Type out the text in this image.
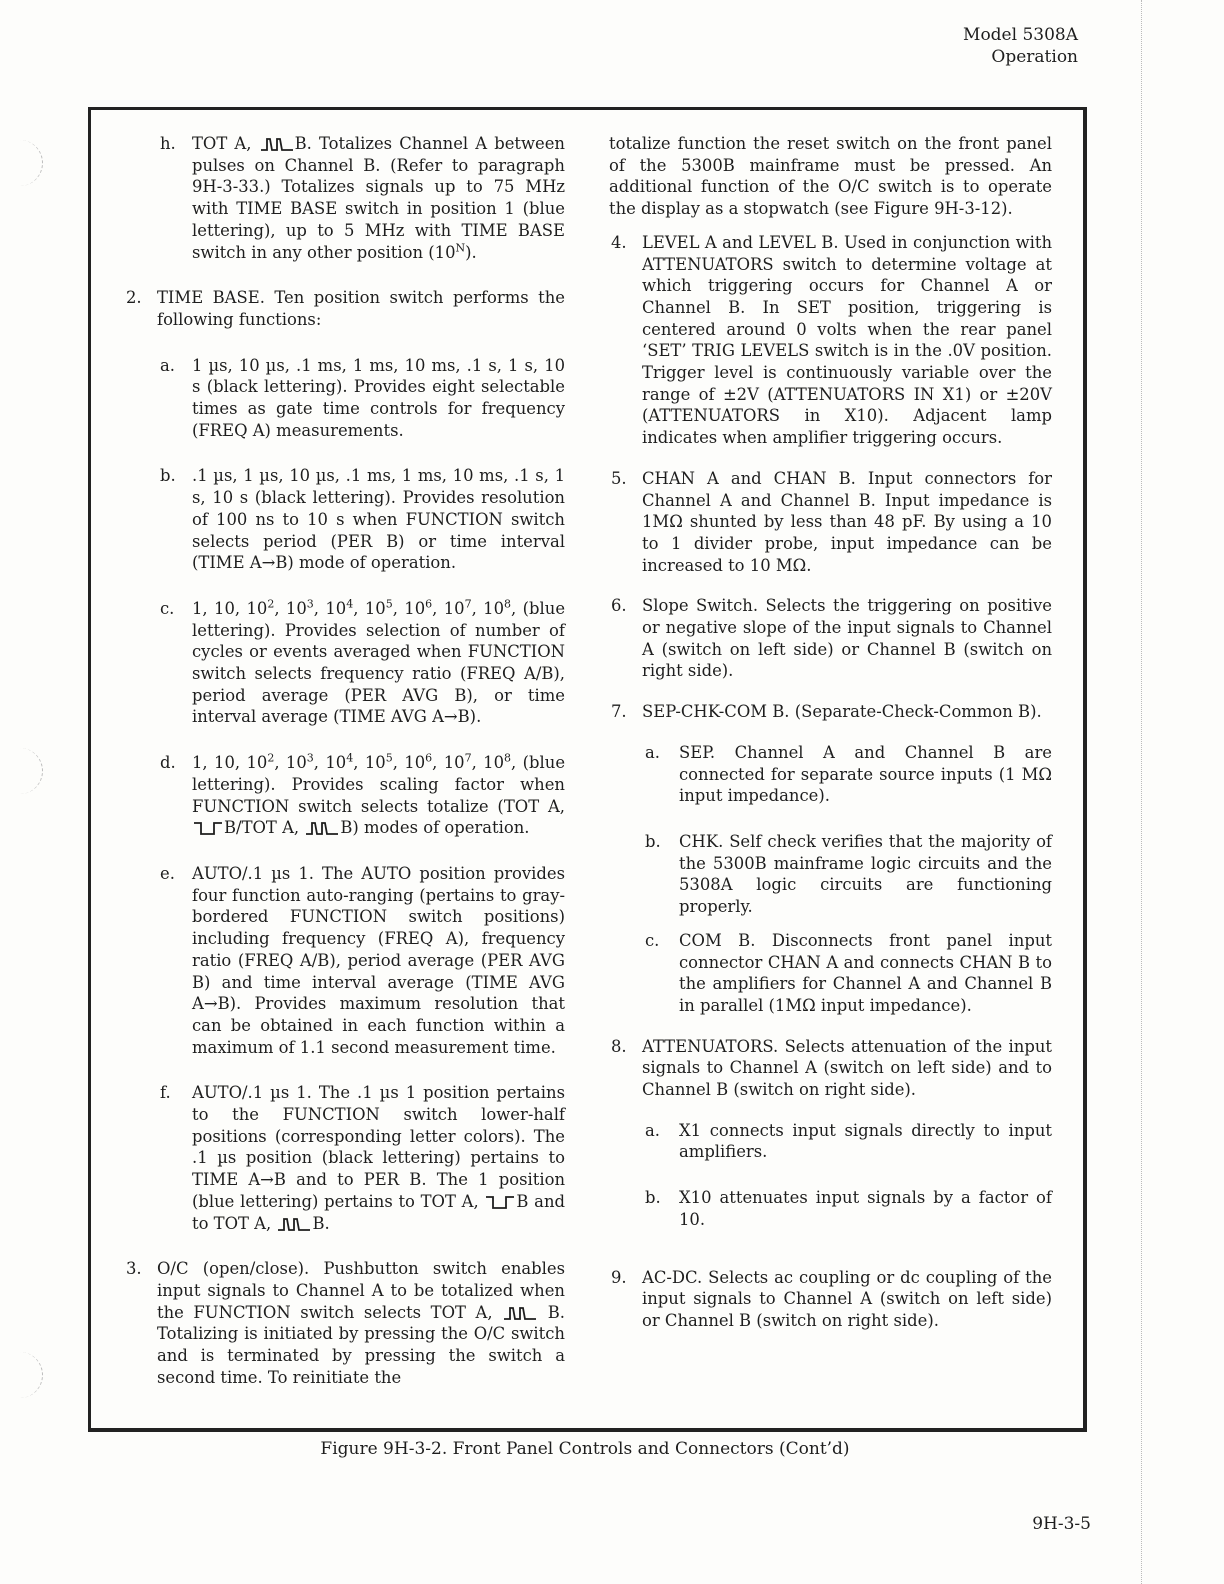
Model 5308A
Operation
h. TOT A, B. Totalizes Channel A between pulses on Channel B. (Refer to paragraph 9H-3-33.) Totalizes signals up to 75 MHz with TIME BASE switch in position 1 (blue lettering), up to 5 MHz with TIME BASE switch in any other position $(10^N)$.
2. TIME BASE. Ten position switch performs the following functions:
a. 1 µs, 10 µs, .1 ms, 1 ms, 10 ms, .1 s, 1 s, 10 s (black lettering). Provides eight selectable times as gate time controls for frequency (FREQ A) measurements.
b. .1 µs, 1 µs, 10 µs, .1 ms, 1 ms, 10 ms, .1 s, 1 s, 10 s (black lettering). Provides resolution of 100 ns to 10 s when FUNCTION switch selects period (PER B) or time interval (TIME A→B) mode of operation.
c. 1, 10, $10^2$, $10^3$, $10^4$, $10^5$, $10^6$, $10^7$, $10^8$, (blue lettering). Provides selection of number of cycles or events averaged when FUNCTION switch selects frequency ratio (FREQ A/B), period average (PER AVG B), or time interval average (TIME AVG A→B).
d. 1, 10, $10^2$, $10^3$, $10^4$, $10^5$, $10^6$, $10^7$, $10^8$, (blue lettering). Provides scaling factor when FUNCTION switch selects totalize (TOT A, B/TOT A, B) modes of operation.
e. AUTO/.1 µs 1. The AUTO position provides four function auto-ranging (pertains to gray-bordered FUNCTION switch positions) including frequency (FREQ A), frequency ratio (FREQ A/B), period average (PER AVG B) and time interval average (TIME AVG A→B). Provides maximum resolution that can be obtained in each function within a maximum of 1.1 second measurement time.
f. AUTO/.1 µs 1. The .1 µs 1 position pertains to the FUNCTION switch lower-half positions (corresponding letter colors). The .1 µs position (black lettering) pertains to TIME A→B and to PER B. The 1 position (blue lettering) pertains to TOT A, B and to TOT A, B.
3. O/C (open/close). Pushbutton switch enables input signals to Channel A to be totalized when the FUNCTION switch selects TOT A,  B. Totalizing is initiated by pressing the O/C switch and is terminated by pressing the switch a second time. To reinitiate the
totalize function the reset switch on the front panel of the 5300B mainframe must be pressed. An additional function of the O/C switch is to operate the display as a stopwatch (see Figure 9H-3-12).
4. LEVEL A and LEVEL B. Used in conjunction with ATTENUATORS switch to determine voltage at which triggering occurs for Channel A or Channel B. In SET position, triggering is centered around 0 volts when the rear panel ‘SET’ TRIG LEVELS switch is in the .0V position. Trigger level is continuously variable over the range of ±2V (ATTENUATORS IN X1) or ±20V (ATTENUATORS in X10). Adjacent lamp indicates when amplifier triggering occurs.
5. CHAN A and CHAN B. Input connectors for Channel A and Channel B. Input impedance is 1MΩ shunted by less than 48 pF. By using a 10 to 1 divider probe, input impedance can be increased to 10 MΩ.
6. Slope Switch. Selects the triggering on positive or negative slope of the input signals to Channel A (switch on left side) or Channel B (switch on right side).
7. SEP-CHK-COM B. (Separate-Check-Common B).
a. SEP. Channel A and Channel B are connected for separate source inputs (1 MΩ input impedance).
b. CHK. Self check verifies that the majority of the 5300B mainframe logic circuits and the 5308A logic circuits are functioning properly.
c. COM B. Disconnects front panel input connector CHAN A and connects CHAN B to the amplifiers for Channel A and Channel B in parallel (1MΩ input impedance).
8. ATTENUATORS. Selects attenuation of the input signals to Channel A (switch on left side) and to Channel B (switch on right side).
a. X1 connects input signals directly to input amplifiers.
b. X10 attenuates input signals by a factor of 10.
9. AC-DC. Selects ac coupling or dc coupling of the input signals to Channel A (switch on left side) or Channel B (switch on right side).
Figure 9H-3-2. Front Panel Controls and Connectors (Cont’d)
9H-3-5
